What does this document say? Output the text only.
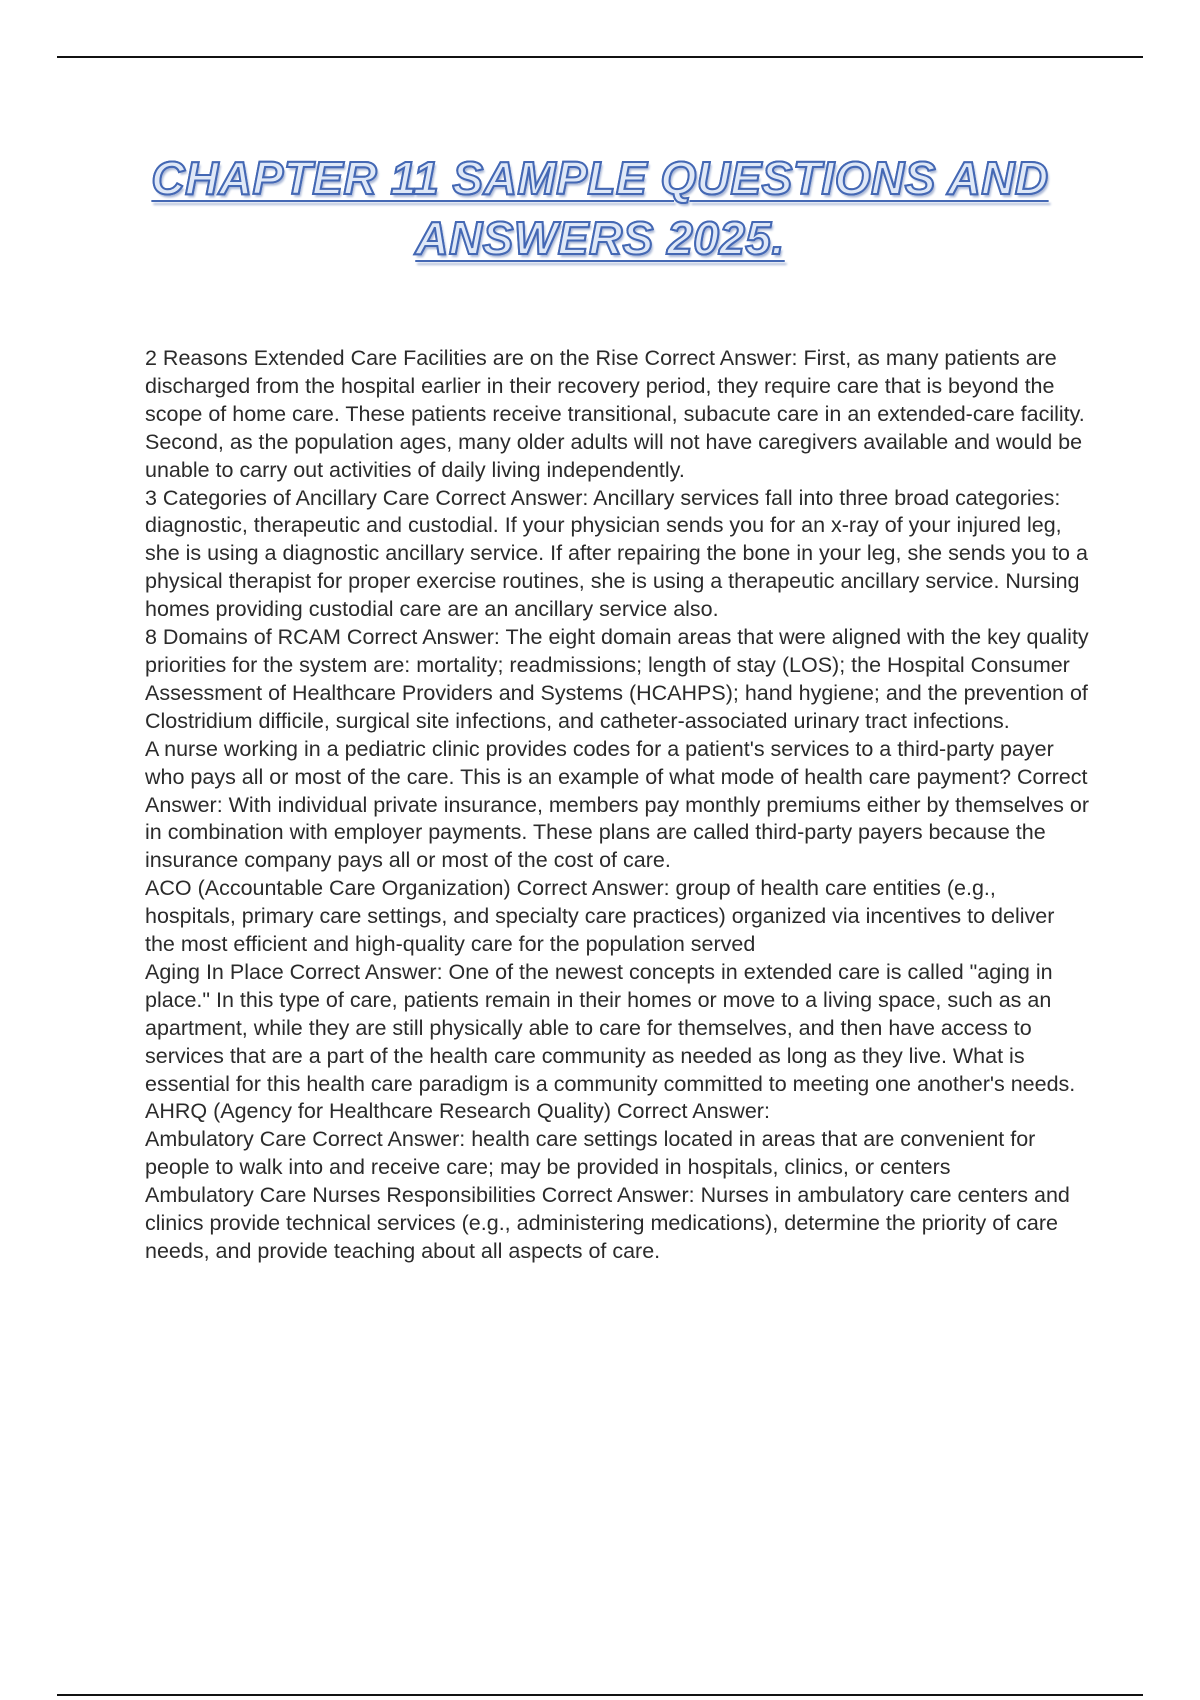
CHAPTER 11 SAMPLE QUESTIONS AND
ANSWERS 2025.

2 Reasons Extended Care Facilities are on the Rise Correct Answer: First, as many patients are discharged from the hospital earlier in their recovery period, they require care that is beyond the scope of home care. These patients receive transitional, subacute care in an extended-care facility. Second, as the population ages, many older adults will not have caregivers available and would be unable to carry out activities of daily living independently.

3 Categories of Ancillary Care Correct Answer: Ancillary services fall into three broad categories: diagnostic, therapeutic and custodial. If your physician sends you for an x-ray of your injured leg, she is using a diagnostic ancillary service. If after repairing the bone in your leg, she sends you to a physical therapist for proper exercise routines, she is using a therapeutic ancillary service. Nursing homes providing custodial care are an ancillary service also.

8 Domains of RCAM Correct Answer: The eight domain areas that were aligned with the key quality priorities for the system are: mortality; readmissions; length of stay (LOS); the Hospital Consumer Assessment of Healthcare Providers and Systems (HCAHPS); hand hygiene; and the prevention of Clostridium difficile, surgical site infections, and catheter-associated urinary tract infections.

A nurse working in a pediatric clinic provides codes for a patient's services to a third-party payer who pays all or most of the care. This is an example of what mode of health care payment? Correct Answer: With individual private insurance, members pay monthly premiums either by themselves or in combination with employer payments. These plans are called third-party payers because the insurance company pays all or most of the cost of care.

ACO (Accountable Care Organization) Correct Answer: group of health care entities (e.g., hospitals, primary care settings, and specialty care practices) organized via incentives to deliver the most efficient and high-quality care for the population served

Aging In Place Correct Answer: One of the newest concepts in extended care is called "aging in place." In this type of care, patients remain in their homes or move to a living space, such as an apartment, while they are still physically able to care for themselves, and then have access to services that are a part of the health care community as needed as long as they live. What is essential for this health care paradigm is a community committed to meeting one another's needs.

AHRQ (Agency for Healthcare Research Quality) Correct Answer:

Ambulatory Care Correct Answer: health care settings located in areas that are convenient for people to walk into and receive care; may be provided in hospitals, clinics, or centers

Ambulatory Care Nurses Responsibilities Correct Answer: Nurses in ambulatory care centers and clinics provide technical services (e.g., administering medications), determine the priority of care needs, and provide teaching about all aspects of care.
